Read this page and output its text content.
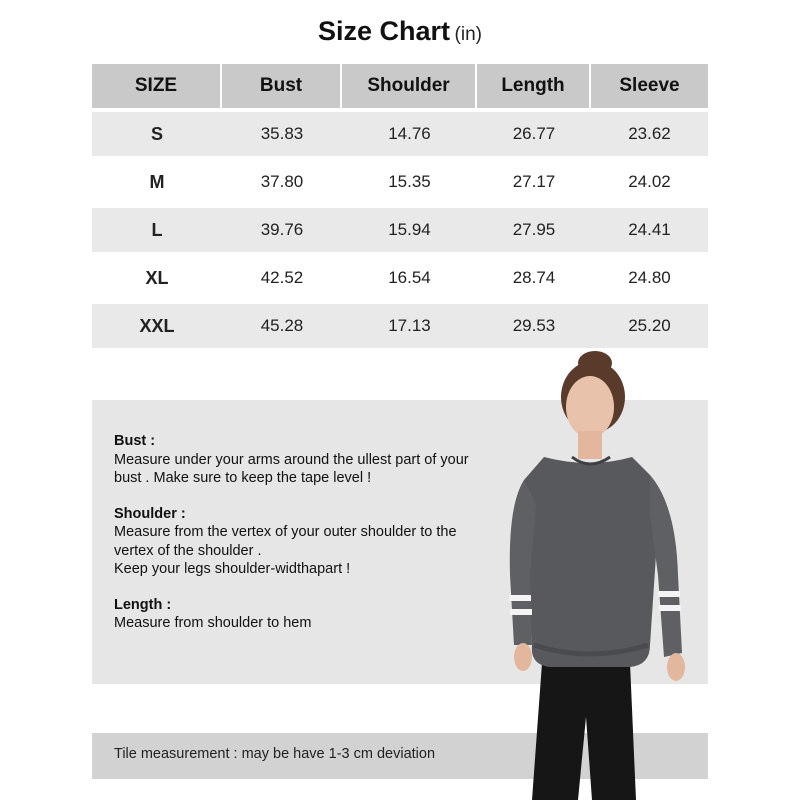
Size Chart (in)
SIZE	Bust	Shoulder	Length	Sleeve
S	35.83	14.76	26.77	23.62
M	37.80	15.35	27.17	24.02
L	39.76	15.94	27.95	24.41
XL	42.52	16.54	28.74	24.80
XXL	45.28	17.13	29.53	25.20
Bust :
Measure under your arms around the ullest part of your
bust . Make sure to keep the tape level !
Shoulder :
Measure from the vertex of your outer shoulder to the
vertex of the shoulder .
Keep your legs shoulder-widthapart !
Length :
Measure from shoulder to hem
Tile measurement : may be have 1-3 cm deviation
